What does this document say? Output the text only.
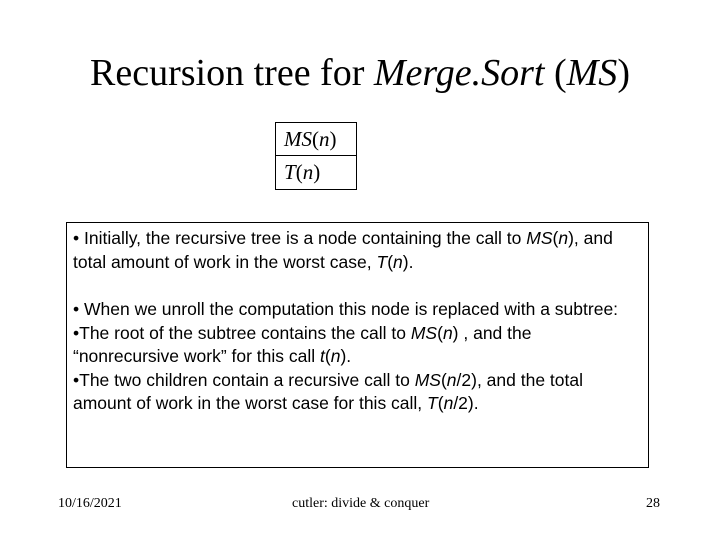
Recursion tree for Merge.Sort (MS)
MS(n)
T(n)

• Initially, the recursive tree is a node containing the call to MS(n), and total amount of work in the worst case, T(n).

• When we unroll the computation this node is replaced with a subtree:

•The root of the subtree contains the call to MS(n) , and the “nonrecursive work” for this call t(n).

•The two children contain a recursive call to MS(n/2), and the total amount of work in the worst case for this call, T(n/2).

10/16/2021	cutler: divide & conquer	28
